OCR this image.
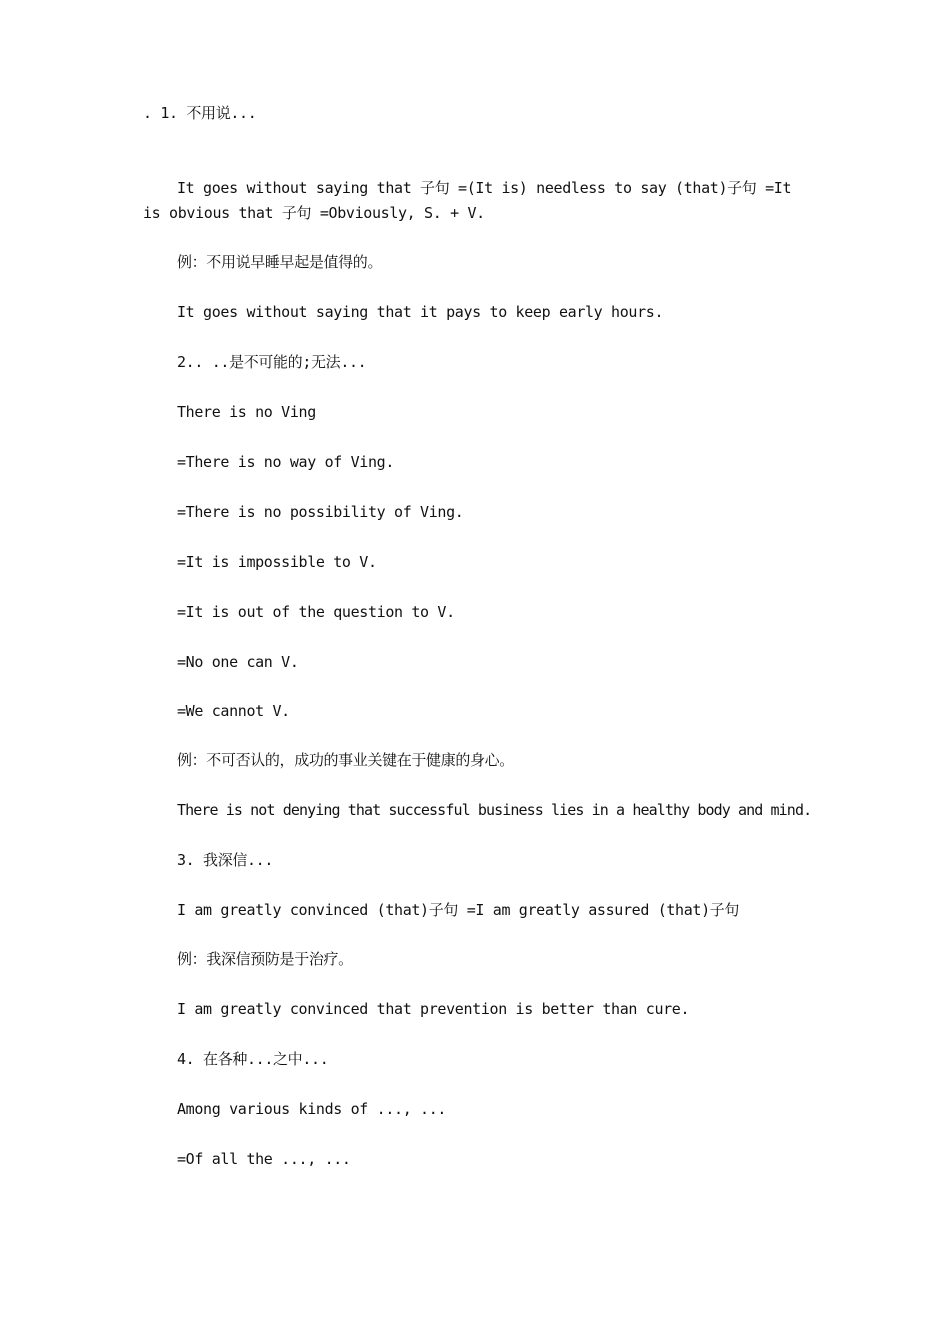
. 1. 不用说...

It goes without saying that 子句 =(It is) needless to say (that)子句 =It is obvious that 子句 =Obviously, S. + V.

例：不用说早睡早起是值得的。

It goes without saying that it pays to keep early hours.

2.. ..是不可能的;无法...

There is no Ving

=There is no way of Ving.

=There is no possibility of Ving.

=It is impossible to V.

=It is out of the question to V.

=No one can V.

=We cannot V.

例：不可否认的，成功的事业关键在于健康的身心。

There is not denying that successful business lies in a healthy body and mind.

3. 我深信...

I am greatly convinced (that)子句 =I am greatly assured (that)子句

例：我深信预防是于治疗。

I am greatly convinced that prevention is better than cure.

4. 在各种...之中...

Among various kinds of ..., ...

=Of all the ..., ...
